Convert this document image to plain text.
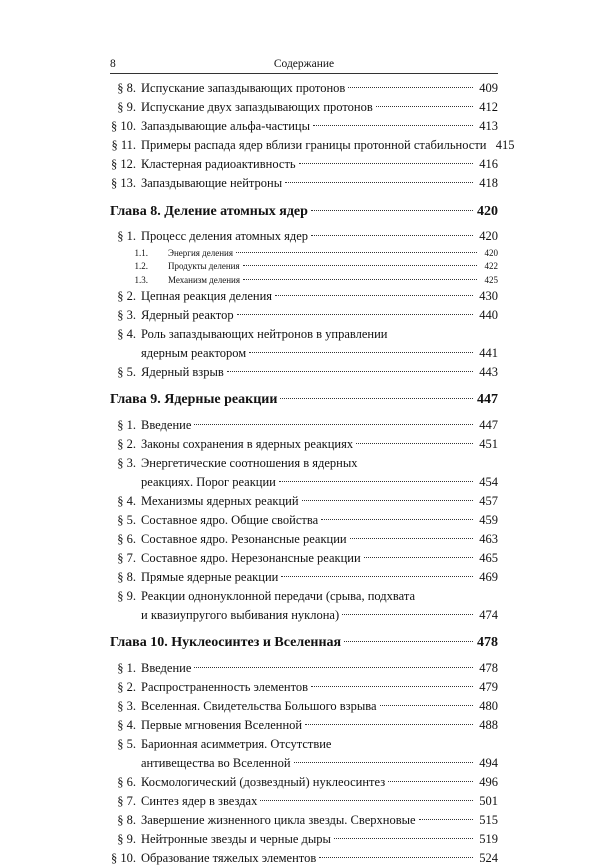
8	Содержание
§ 8. Испускание запаздывающих протонов	409
§ 9. Испускание двух запаздывающих протонов	412
§ 10. Запаздывающие альфа-частицы	413
§ 11. Примеры распада ядер вблизи границы протонной стабильности 415
§ 12. Кластерная радиоактивность	416
§ 13. Запаздывающие нейтроны	418
Глава 8. Деление атомных ядер	420
§ 1. Процесс деления атомных ядер	420
1.1.	Энергия деления	420
1.2.	Продукты деления	422
1.3.	Механизм деления	425
§ 2. Цепная реакция деления	430
§ 3. Ядерный реактор	440
§ 4. Роль запаздывающих нейтронов в управлении
ядерным реактором	441
§ 5. Ядерный взрыв	443
Глава 9. Ядерные реакции	447
§ 1. Введение	447
§ 2. Законы сохранения в ядерных реакциях	451
§ 3. Энергетические соотношения в ядерных
реакциях. Порог реакции	454
§ 4. Механизмы ядерных реакций	457
§ 5. Составное ядро. Общие свойства	459
§ 6. Составное ядро. Резонансные реакции	463
§ 7. Составное ядро. Нерезонансные реакции	465
§ 8. Прямые ядерные реакции	469
§ 9. Реакции однонуклонной передачи (срыва, подхвата
и квазиупругого выбивания нуклона)	474
Глава 10. Нуклеосинтез и Вселенная	478
§ 1. Введение	478
§ 2. Распространенность элементов	479
§ 3. Вселенная. Свидетельства Большого взрыва	480
§ 4. Первые мгновения Вселенной	488
§ 5. Барионная асимметрия. Отсутствие
антивещества во Вселенной	494
§ 6. Космологический (дозвездный) нуклеосинтез	496
§ 7. Синтез ядер в звездах	501
§ 8. Завершение жизненного цикла звезды. Сверхновые	515
§ 9. Нейтронные звезды и черные дыры	519
§ 10. Образование тяжелых элементов	524
